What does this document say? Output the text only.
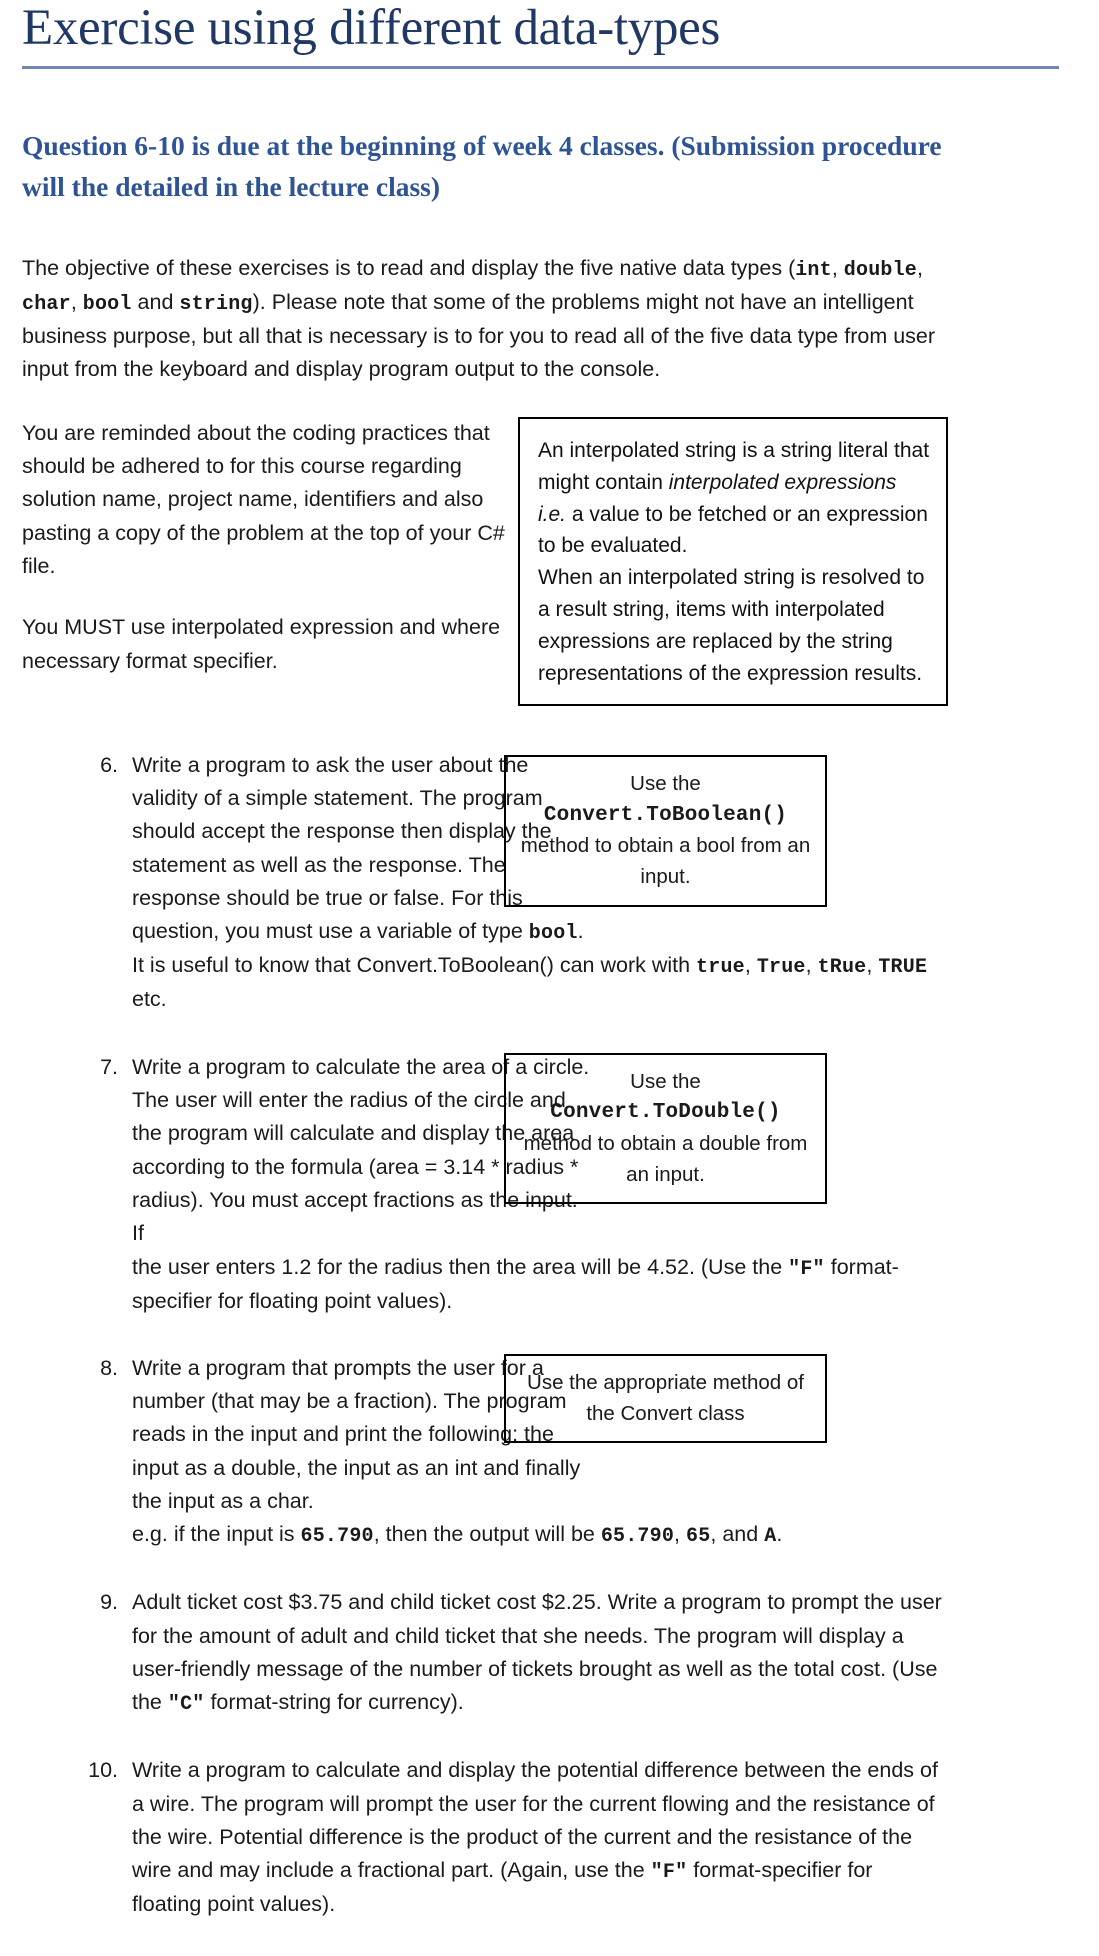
Exercise using different data-types
Question 6-10 is due at the beginning of week 4 classes. (Submission procedure will the detailed in the lecture class)

The objective of these exercises is to read and display the five native data types (int, double, char, bool and string). Please note that some of the problems might not have an intelligent business purpose, but all that is necessary is to for you to read all of the five data type from user input from the keyboard and display program output to the console.

You are reminded about the coding practices that should be adhered to for this course regarding solution name, project name, identifiers and also pasting a copy of the problem at the top of your C# file.

You MUST use interpolated expression and where necessary format specifier.

An interpolated string is a string literal that might contain interpolated expressions i.e. a value to be fetched or an expression to be evaluated.

When an interpolated string is resolved to a result string, items with interpolated expressions are replaced by the string representations of the expression results.

6. Write a program to ask the user about the validity of a simple statement. The program should accept the response then display the statement as well as the response. The response should be true or false. For this question, you must use a variable of type bool.

It is useful to know that Convert.ToBoolean() can work with true, True, tRue, TRUE etc.

Use the

Convert.ToBoolean()

method to obtain a bool from an input.

7. Write a program to calculate the area of a circle. The user will enter the radius of the circle and the program will calculate and display the area according to the formula (area = 3.14 * radius * radius). You must accept fractions as the input. If

the user enters 1.2 for the radius then the area will be 4.52. (Use the "F" format-specifier for floating point values).

Use the

Convert.ToDouble()

method to obtain a double from an input.

8. Write a program that prompts the user for a number (that may be a fraction). The program reads in the input and print the following: the input as a double, the input as an int and finally the input as a char.

e.g. if the input is 65.790, then the output will be 65.790, 65, and A.

Use the appropriate method of

the Convert class

9. Adult ticket cost $3.75 and child ticket cost $2.25. Write a program to prompt the user for the amount of adult and child ticket that she needs. The program will display a user-friendly message of the number of tickets brought as well as the total cost. (Use the "C" format-string for currency).

10. Write a program to calculate and display the potential difference between the ends of a wire. The program will prompt the user for the current flowing and the resistance of the wire. Potential difference is the product of the current and the resistance of the wire and may include a fractional part. (Again, use the "F" format-specifier for floating point values).
